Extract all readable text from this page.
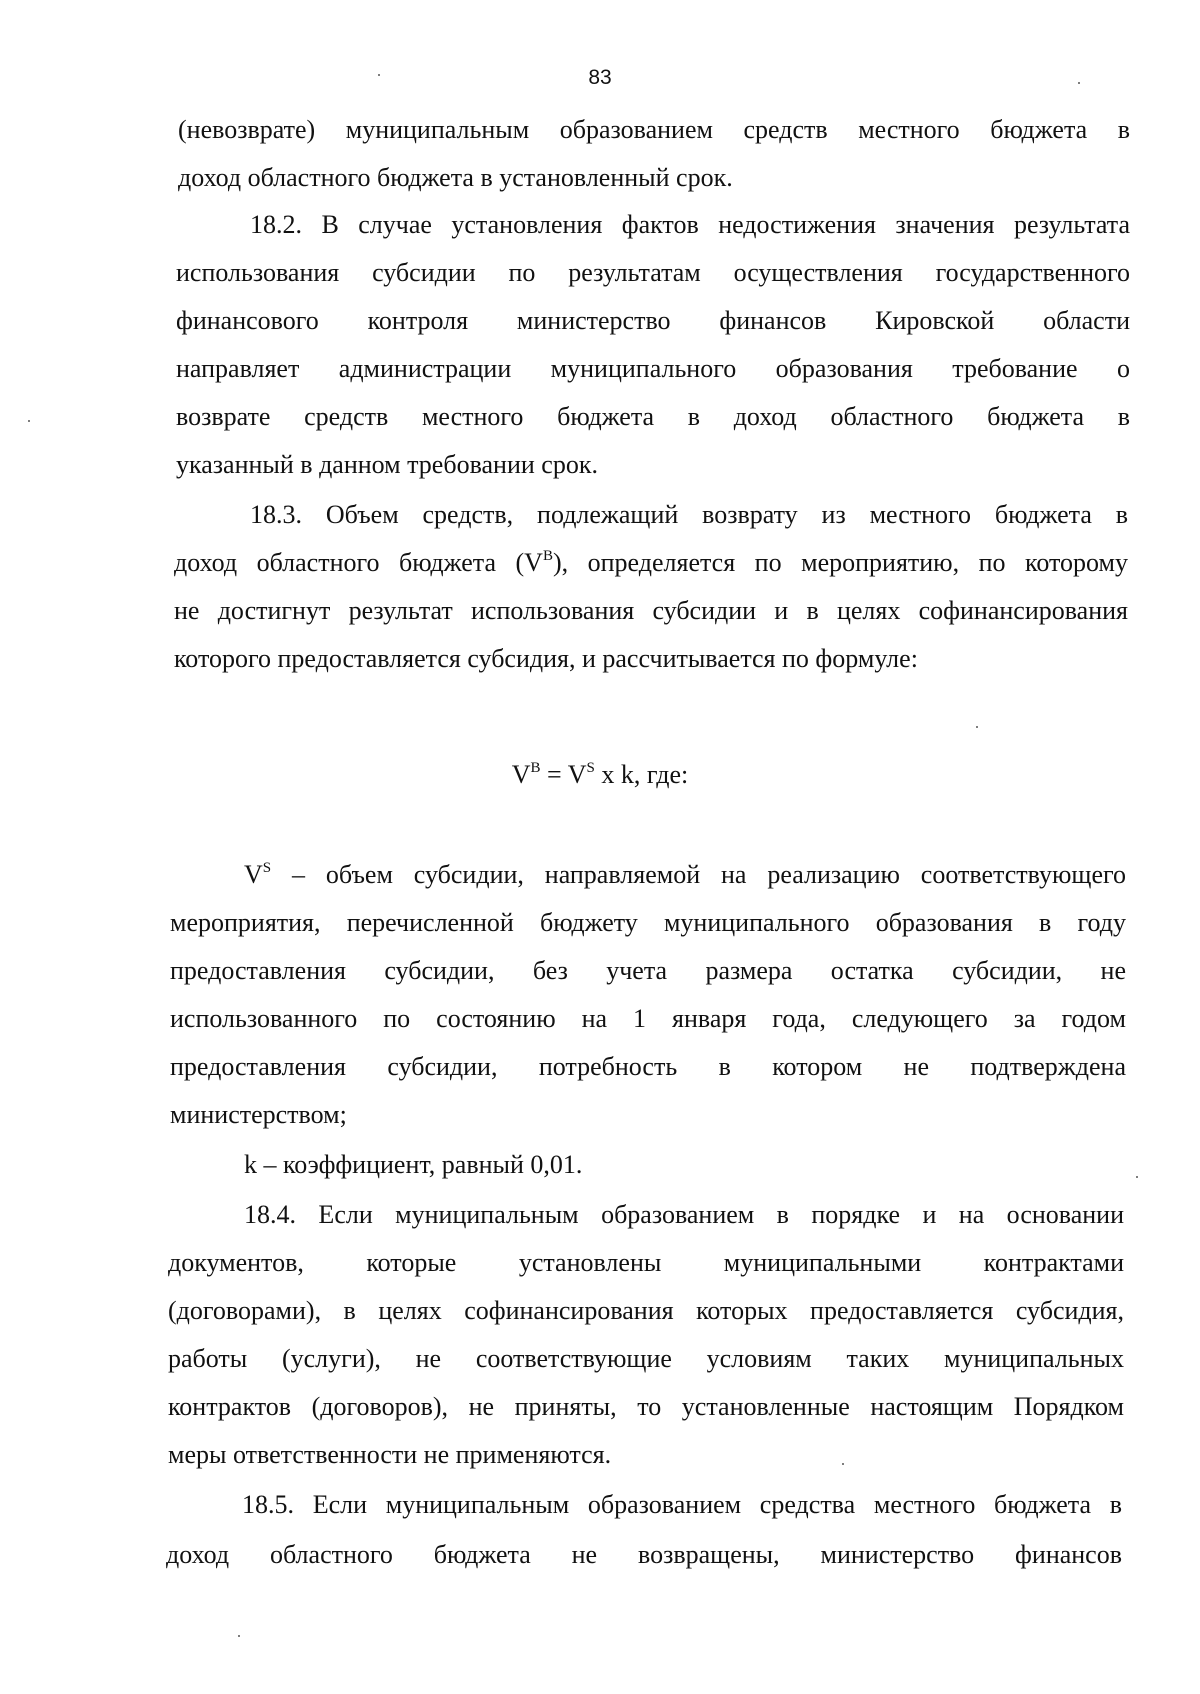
83
(невозврате) муниципальным образованием средств местного бюджета в
доход областного бюджета в установленный срок.
18.2. В случае установления фактов недостижения значения результата
использования субсидии по результатам осуществления государственного
финансового контроля министерство финансов Кировской области
направляет администрации муниципального образования требование о
возврате средств местного бюджета в доход областного бюджета в
указанный в данном требовании срок.
18.3. Объем средств, подлежащий возврату из местного бюджета в
доход областного бюджета $(V^B)$, определяется по мероприятию, по которому
не достигнут результат использования субсидии и в целях софинансирования
которого предоставляется субсидия, и рассчитывается по формуле:
$V^B = V^S$ x k, где:
$V^S$ – объем субсидии, направляемой на реализацию соответствующего
мероприятия, перечисленной бюджету муниципального образования в году
предоставления субсидии, без учета размера остатка субсидии, не
использованного по состоянию на 1 января года, следующего за годом
предоставления субсидии, потребность в котором не подтверждена
министерством;
k – коэффициент, равный 0,01.
18.4. Если муниципальным образованием в порядке и на основании
документов, которые установлены муниципальными контрактами
(договорами), в целях софинансирования которых предоставляется субсидия,
работы (услуги), не соответствующие условиям таких муниципальных
контрактов (договоров), не приняты, то установленные настоящим Порядком
меры ответственности не применяются.
18.5. Если муниципальным образованием средства местного бюджета в
доход областного бюджета не возвращены, министерство финансов
